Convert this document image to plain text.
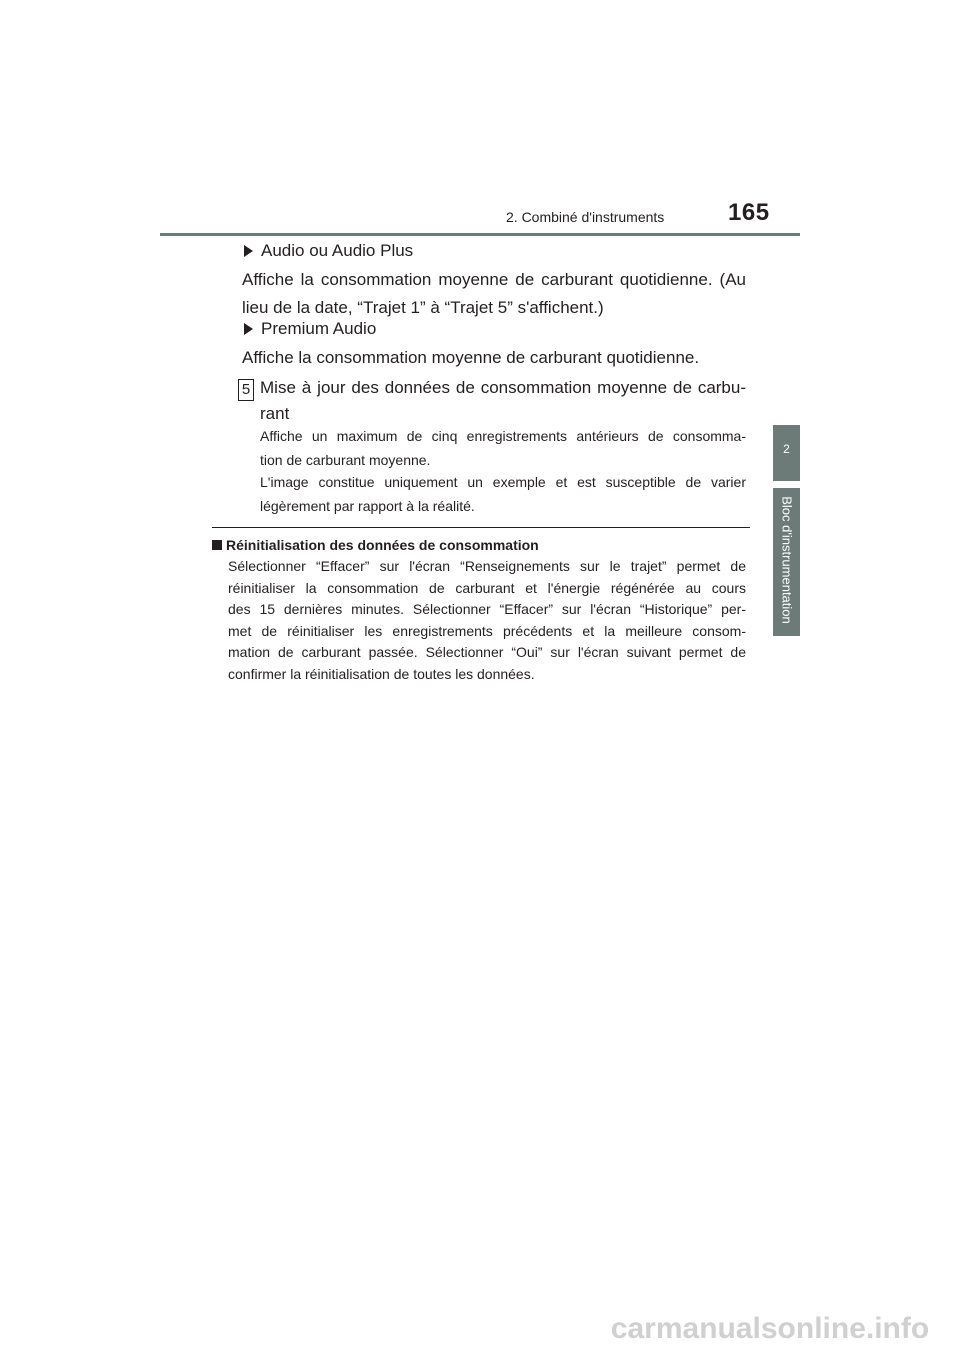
2. Combiné d'instruments	165
2
Bloc d'instrumentation
Audio ou Audio Plus
Affiche la consommation moyenne de carburant quotidienne. (Au
lieu de la date, “Trajet 1” à “Trajet 5” s'affichent.)
Premium Audio
Affiche la consommation moyenne de carburant quotidienne.
5 Mise à jour des données de consommation moyenne de carbu-
rant
Affiche un maximum de cinq enregistrements antérieurs de consomma-
tion de carburant moyenne.
L'image constitue uniquement un exemple et est susceptible de varier
légèrement par rapport à la réalité.
Réinitialisation des données de consommation
Sélectionner “Effacer” sur l'écran “Renseignements sur le trajet” permet de
réinitialiser la consommation de carburant et l'énergie régénérée au cours
des 15 dernières minutes. Sélectionner “Effacer” sur l'écran “Historique” per-
met de réinitialiser les enregistrements précédents et la meilleure consom-
mation de carburant passée. Sélectionner “Oui” sur l'écran suivant permet de
confirmer la réinitialisation de toutes les données.
carmanualsonline.info
